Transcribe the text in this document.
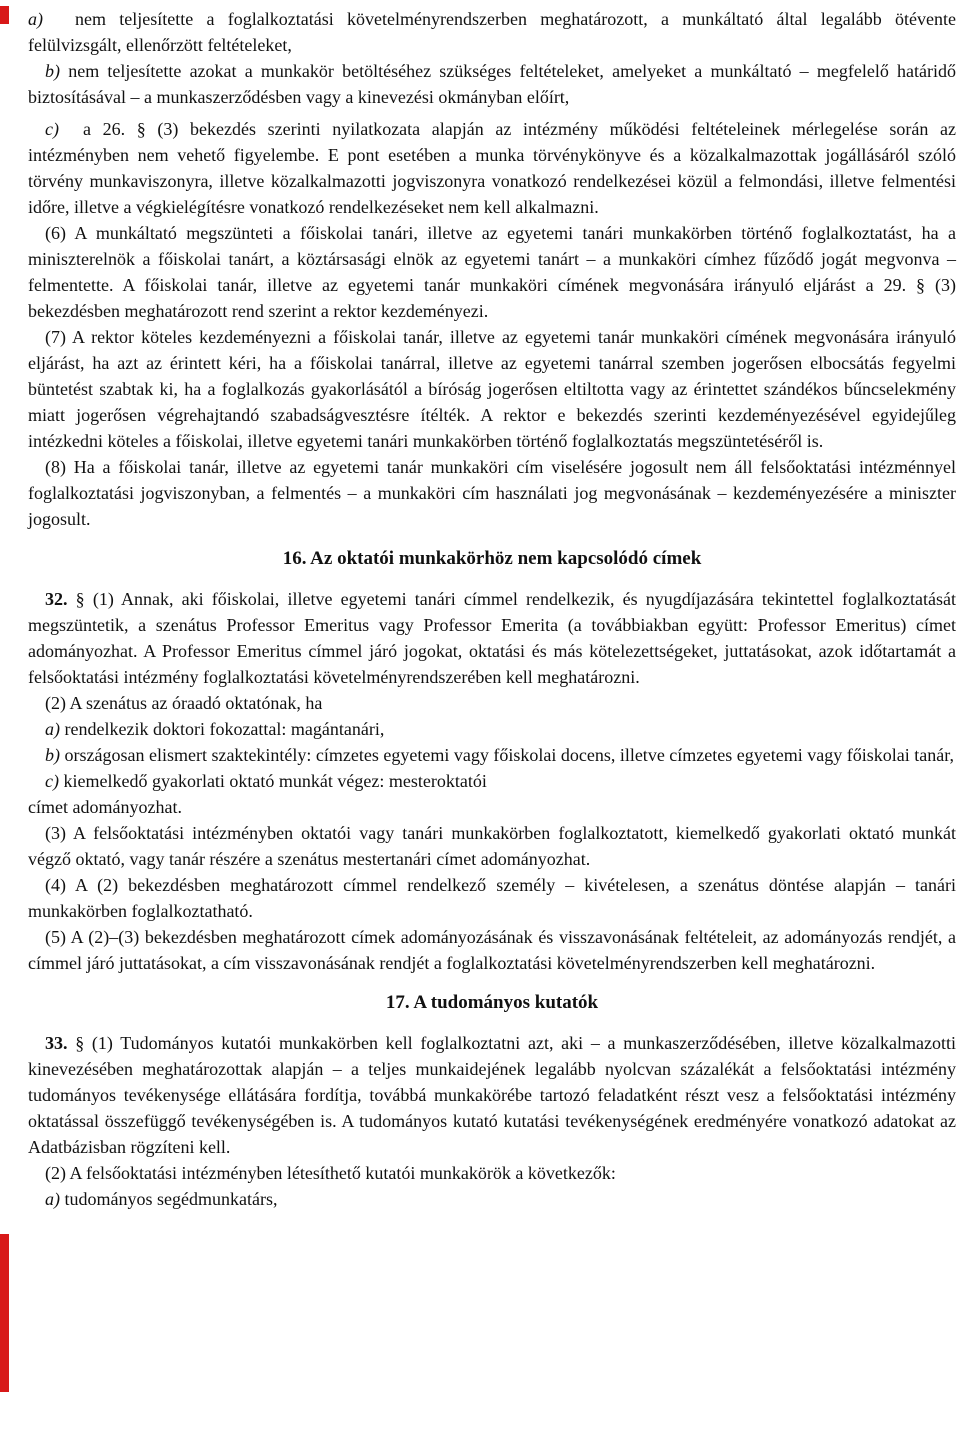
a) nem teljesítette a foglalkoztatási követelményrendszerben meghatározott, a munkáltató által legalább ötévente felülvizsgált, ellenőrzött feltételeket,

b) nem teljesítette azokat a munkakör betöltéséhez szükséges feltételeket, amelyeket a munkáltató – megfelelő határidő biztosításával – a munkaszerződésben vagy a kinevezési okmányban előírt,

c) a 26. § (3) bekezdés szerinti nyilatkozata alapján az intézmény működési feltételeinek mérlegelése során az intézményben nem vehető figyelembe. E pont esetében a munka törvénykönyve és a közalkalmazottak jogállásáról szóló törvény munkaviszonyra, illetve közalkalmazotti jogviszonyra vonatkozó rendelkezései közül a felmondási, illetve felmentési időre, illetve a végkielégítésre vonatkozó rendelkezéseket nem kell alkalmazni.

(6) A munkáltató megszünteti a főiskolai tanári, illetve az egyetemi tanári munkakörben történő foglalkoztatást, ha a miniszterelnök a főiskolai tanárt, a köztársasági elnök az egyetemi tanárt – a munkaköri címhez fűződő jogát megvonva – felmentette. A főiskolai tanár, illetve az egyetemi tanár munkaköri címének megvonására irányuló eljárást a 29. § (3) bekezdésben meghatározott rend szerint a rektor kezdeményezi.

(7) A rektor köteles kezdeményezni a főiskolai tanár, illetve az egyetemi tanár munkaköri címének megvonására irányuló eljárást, ha azt az érintett kéri, ha a főiskolai tanárral, illetve az egyetemi tanárral szemben jogerősen elbocsátás fegyelmi büntetést szabtak ki, ha a foglalkozás gyakorlásától a bíróság jogerősen eltiltotta vagy az érintettet szándékos bűncselekmény miatt jogerősen végrehajtandó szabadságvesztésre ítélték. A rektor e bekezdés szerinti kezdeményezésével egyidejűleg intézkedni köteles a főiskolai, illetve egyetemi tanári munkakörben történő foglalkoztatás megszüntetéséről is.

(8) Ha a főiskolai tanár, illetve az egyetemi tanár munkaköri cím viselésére jogosult nem áll felsőoktatási intézménnyel foglalkoztatási jogviszonyban, a felmentés – a munkaköri cím használati jog megvonásának – kezdeményezésére a miniszter jogosult.

16. Az oktatói munkakörhöz nem kapcsolódó címek

32. § (1) Annak, aki főiskolai, illetve egyetemi tanári címmel rendelkezik, és nyugdíjazására tekintettel foglalkoztatását megszüntetik, a szenátus Professor Emeritus vagy Professor Emerita (a továbbiakban együtt: Professor Emeritus) címet adományozhat. A Professor Emeritus címmel járó jogokat, oktatási és más kötelezettségeket, juttatásokat, azok időtartamát a felsőoktatási intézmény foglalkoztatási követelményrendszerében kell meghatározni.

(2) A szenátus az óraadó oktatónak, ha

a) rendelkezik doktori fokozattal: magántanári,

b) országosan elismert szaktekintély: címzetes egyetemi vagy főiskolai docens, illetve címzetes egyetemi vagy főiskolai tanár,

c) kiemelkedő gyakorlati oktató munkát végez: mesteroktatói

címet adományozhat.

(3) A felsőoktatási intézményben oktatói vagy tanári munkakörben foglalkoztatott, kiemelkedő gyakorlati oktató munkát végző oktató, vagy tanár részére a szenátus mestertanári címet adományozhat.

(4) A (2) bekezdésben meghatározott címmel rendelkező személy – kivételesen, a szenátus döntése alapján – tanári munkakörben foglalkoztatható.

(5) A (2)–(3) bekezdésben meghatározott címek adományozásának és visszavonásának feltételeit, az adományozás rendjét, a címmel járó juttatásokat, a cím visszavonásának rendjét a foglalkoztatási követelményrendszerben kell meghatározni.

17. A tudományos kutatók

33. § (1) Tudományos kutatói munkakörben kell foglalkoztatni azt, aki – a munkaszerződésében, illetve közalkalmazotti kinevezésében meghatározottak alapján – a teljes munkaidejének legalább nyolcvan százalékát a felsőoktatási intézmény tudományos tevékenysége ellátására fordítja, továbbá munkakörébe tartozó feladatként részt vesz a felsőoktatási intézmény oktatással összefüggő tevékenységében is. A tudományos kutató kutatási tevékenységének eredményére vonatkozó adatokat az Adatbázisban rögzíteni kell.

(2) A felsőoktatási intézményben létesíthető kutatói munkakörök a következők:

a) tudományos segédmunkatárs,
